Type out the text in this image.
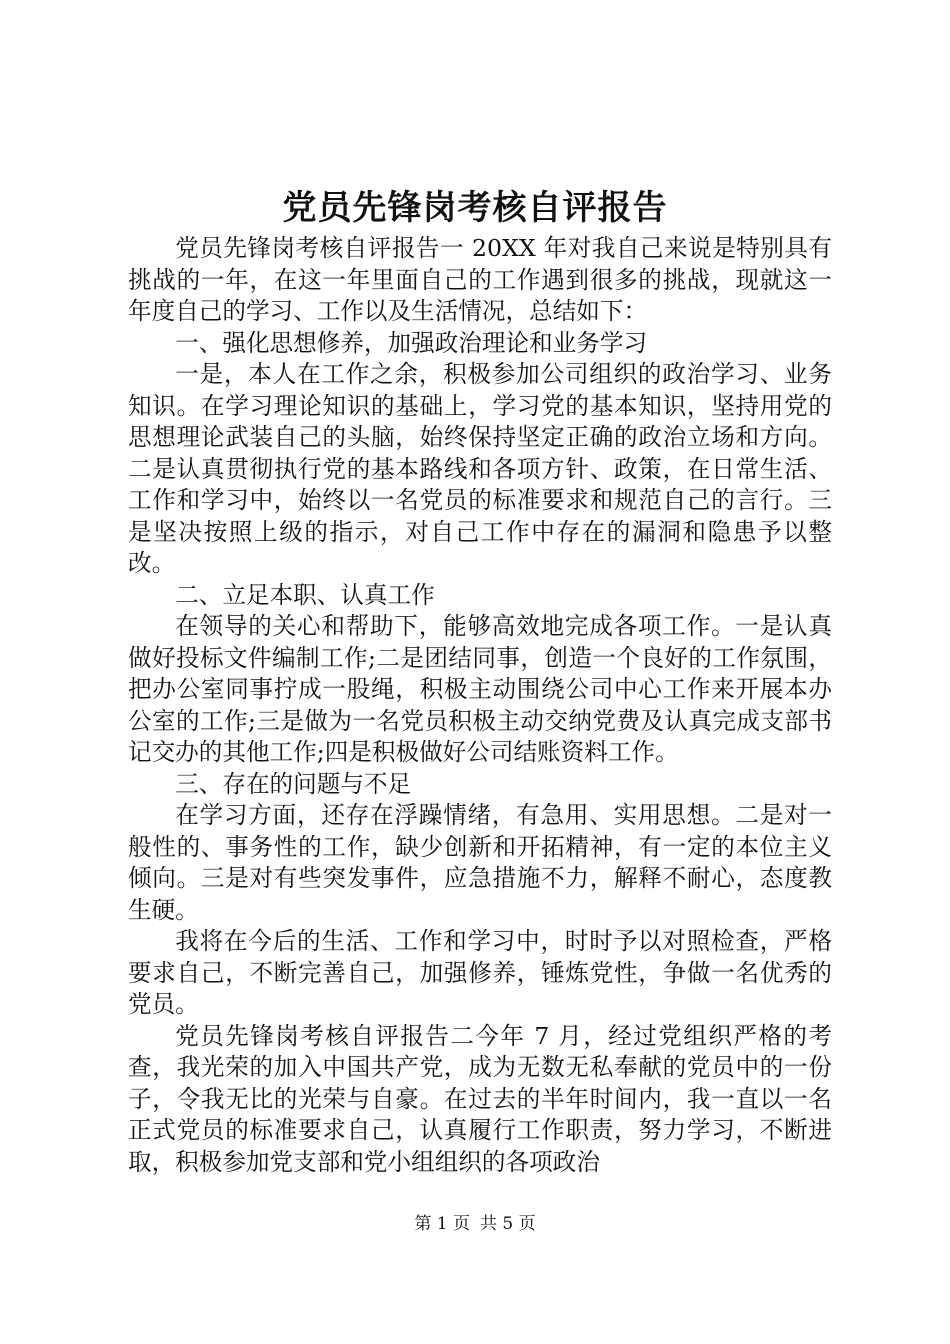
党员先锋岗考核自评报告

党员先锋岗考核自评报告一 20XX 年对我自己来说是特别具有挑战的一年，在这一年里面自己的工作遇到很多的挑战，现就这一年度自己的学习、工作以及生活情况，总结如下：

一、强化思想修养，加强政治理论和业务学习

一是，本人在工作之余，积极参加公司组织的政治学习、业务知识。在学习理论知识的基础上，学习党的基本知识，坚持用党的思想理论武装自己的头脑，始终保持坚定正确的政治立场和方向。二是认真贯彻执行党的基本路线和各项方针、政策，在日常生活、工作和学习中，始终以一名党员的标准要求和规范自己的言行。三是坚决按照上级的指示，对自己工作中存在的漏洞和隐患予以整改。

二、立足本职、认真工作

在领导的关心和帮助下，能够高效地完成各项工作。一是认真做好投标文件编制工作;二是团结同事，创造一个良好的工作氛围，把办公室同事拧成一股绳，积极主动围绕公司中心工作来开展本办公室的工作;三是做为一名党员积极主动交纳党费及认真完成支部书记交办的其他工作;四是积极做好公司结账资料工作。

三、存在的问题与不足

在学习方面，还存在浮躁情绪，有急用、实用思想。二是对一般性的、事务性的工作，缺少创新和开拓精神，有一定的本位主义倾向。三是对有些突发事件，应急措施不力，解释不耐心，态度教生硬。

我将在今后的生活、工作和学习中，时时予以对照检查，严格要求自己，不断完善自己，加强修养，锤炼党性，争做一名优秀的党员。

党员先锋岗考核自评报告二今年 7 月，经过党组织严格的考查，我光荣的加入中国共产党，成为无数无私奉献的党员中的一份子，令我无比的光荣与自豪。在过去的半年时间内，我一直以一名正式党员的标准要求自己，认真履行工作职责，努力学习，不断进取，积极参加党支部和党小组组织的各项政治

第 1 页 共 5 页
